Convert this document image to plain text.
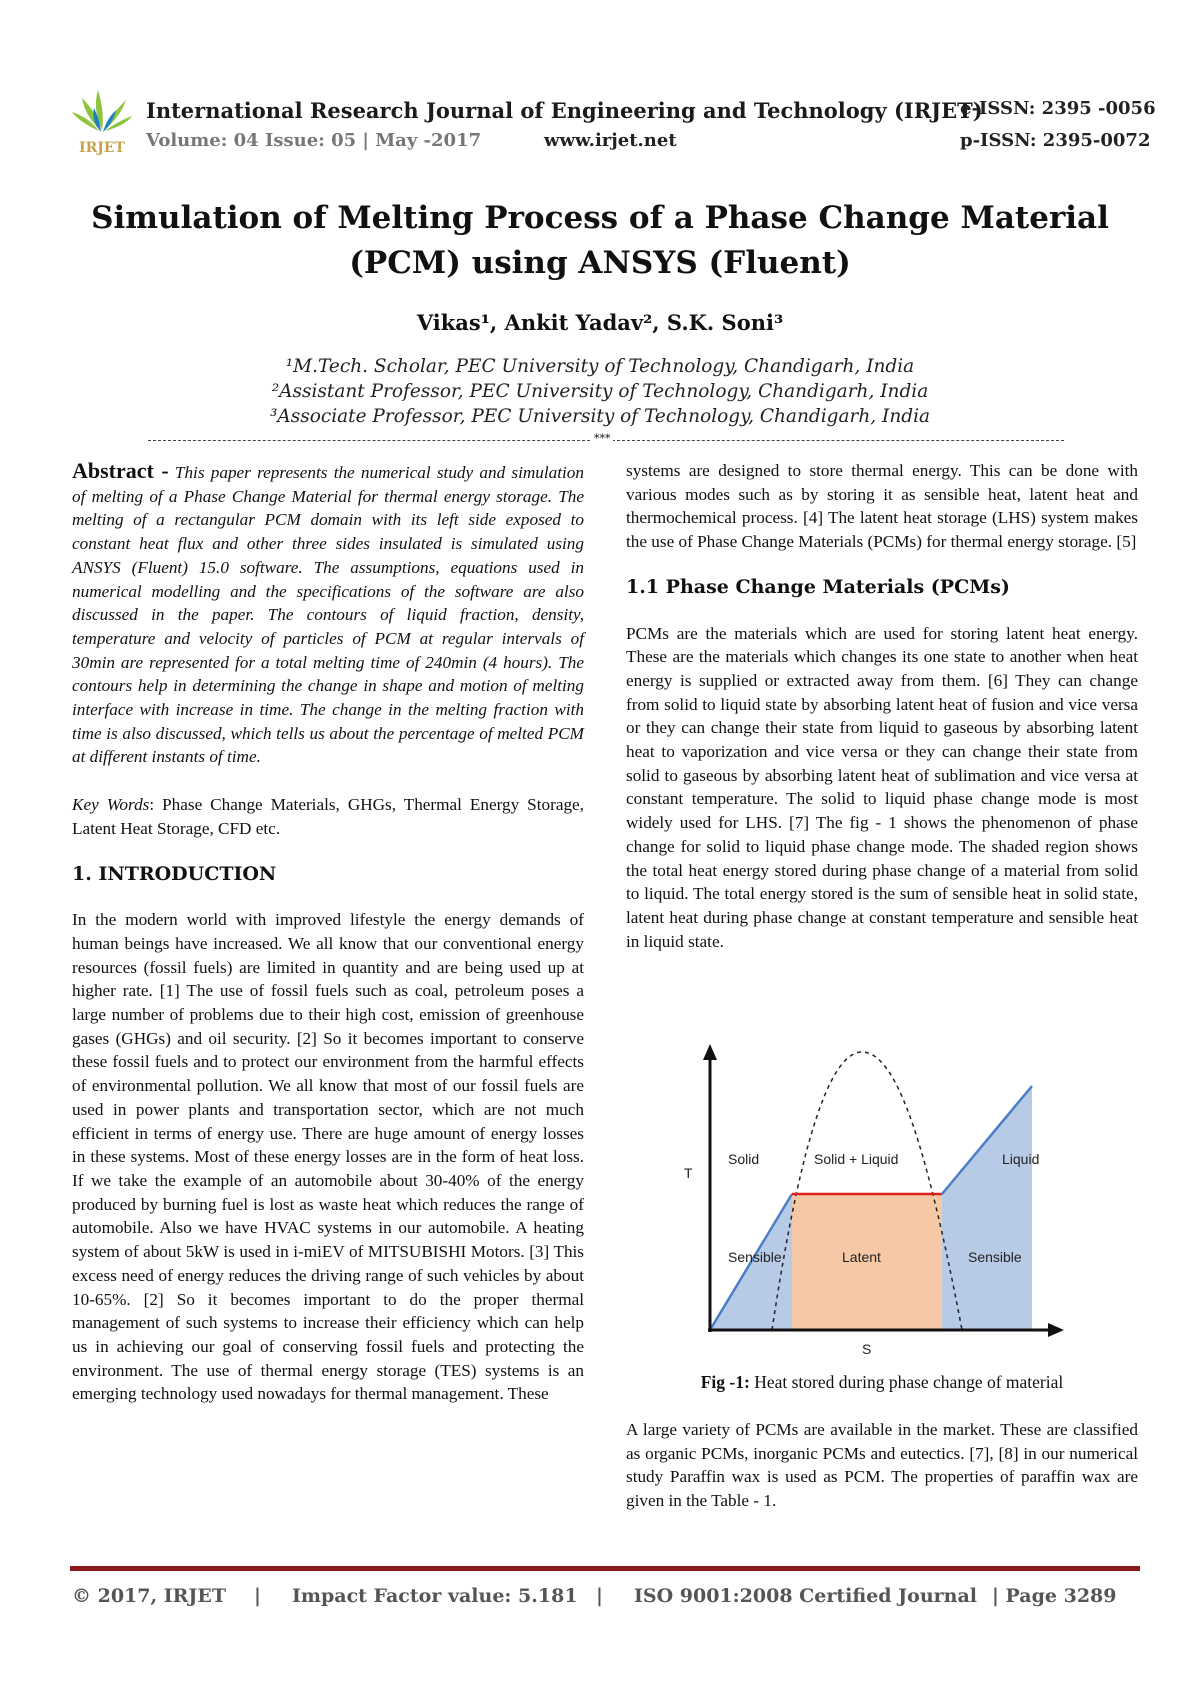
IRJET
International Research Journal of Engineering and Technology (IRJET)
Volume: 04 Issue: 05 | May -2017	www.irjet.net
e-ISSN: 2395 -0056
p-ISSN: 2395-0072
Simulation of Melting Process of a Phase Change Material (PCM) using ANSYS (Fluent)
Vikas¹, Ankit Yadav², S.K. Soni³
¹M.Tech. Scholar, PEC University of Technology, Chandigarh, India
²Assistant Professor, PEC University of Technology, Chandigarh, India
³Associate Professor, PEC University of Technology, Chandigarh, India
***

Abstract - This paper represents the numerical study and simulation of melting of a Phase Change Material for thermal energy storage. The melting of a rectangular PCM domain with its left side exposed to constant heat flux and other three sides insulated is simulated using ANSYS (Fluent) 15.0 software. The assumptions, equations used in numerical modelling and the specifications of the software are also discussed in the paper. The contours of liquid fraction, density, temperature and velocity of particles of PCM at regular intervals of 30min are represented for a total melting time of 240min (4 hours). The contours help in determining the change in shape and motion of melting interface with increase in time. The change in the melting fraction with time is also discussed, which tells us about the percentage of melted PCM at different instants of time.

Key Words: Phase Change Materials, GHGs, Thermal Energy Storage, Latent Heat Storage, CFD etc.

1. INTRODUCTION

In the modern world with improved lifestyle the energy demands of human beings have increased. We all know that our conventional energy resources (fossil fuels) are limited in quantity and are being used up at higher rate. [1] The use of fossil fuels such as coal, petroleum poses a large number of problems due to their high cost, emission of greenhouse gases (GHGs) and oil security. [2] So it becomes important to conserve these fossil fuels and to protect our environment from the harmful effects of environmental pollution. We all know that most of our fossil fuels are used in power plants and transportation sector, which are not much efficient in terms of energy use. There are huge amount of energy losses in these systems. Most of these energy losses are in the form of heat loss. If we take the example of an automobile about 30-40% of the energy produced by burning fuel is lost as waste heat which reduces the range of automobile. Also we have HVAC systems in our automobile. A heating system of about 5kW is used in i-miEV of MITSUBISHI Motors. [3] This excess need of energy reduces the driving range of such vehicles by about 10-65%. [2] So it becomes important to do the proper thermal management of such systems to increase their efficiency which can help us in achieving our goal of conserving fossil fuels and protecting the environment. The use of thermal energy storage (TES) systems is an emerging technology used nowadays for thermal management. These

systems are designed to store thermal energy. This can be done with various modes such as by storing it as sensible heat, latent heat and thermochemical process. [4] The latent heat storage (LHS) system makes the use of Phase Change Materials (PCMs) for thermal energy storage. [5]

1.1 Phase Change Materials (PCMs)

PCMs are the materials which are used for storing latent heat energy. These are the materials which changes its one state to another when heat energy is supplied or extracted away from them. [6] They can change from solid to liquid state by absorbing latent heat of fusion and vice versa or they can change their state from liquid to gaseous by absorbing latent heat to vaporization and vice versa or they can change their state from solid to gaseous by absorbing latent heat of sublimation and vice versa at constant temperature. The solid to liquid phase change mode is most widely used for LHS. [7] The fig - 1 shows the phenomenon of phase change for solid to liquid phase change mode. The shaded region shows the total heat energy stored during phase change of a material from solid to liquid. The total energy stored is the sum of sensible heat in solid state, latent heat during phase change at constant temperature and sensible heat in liquid state.

T
S
Solid	Solid + Liquid	Liquid
Sensible	Latent	Sensible
Fig -1: Heat stored during phase change of material
A large variety of PCMs are available in the market. These are classified as organic PCMs, inorganic PCMs and eutectics. [7], [8] in our numerical study Paraffin wax is used as PCM. The properties of paraffin wax are given in the Table - 1.
© 2017, IRJET | Impact Factor value: 5.181 | ISO 9001:2008 Certified Journal | Page 3289
